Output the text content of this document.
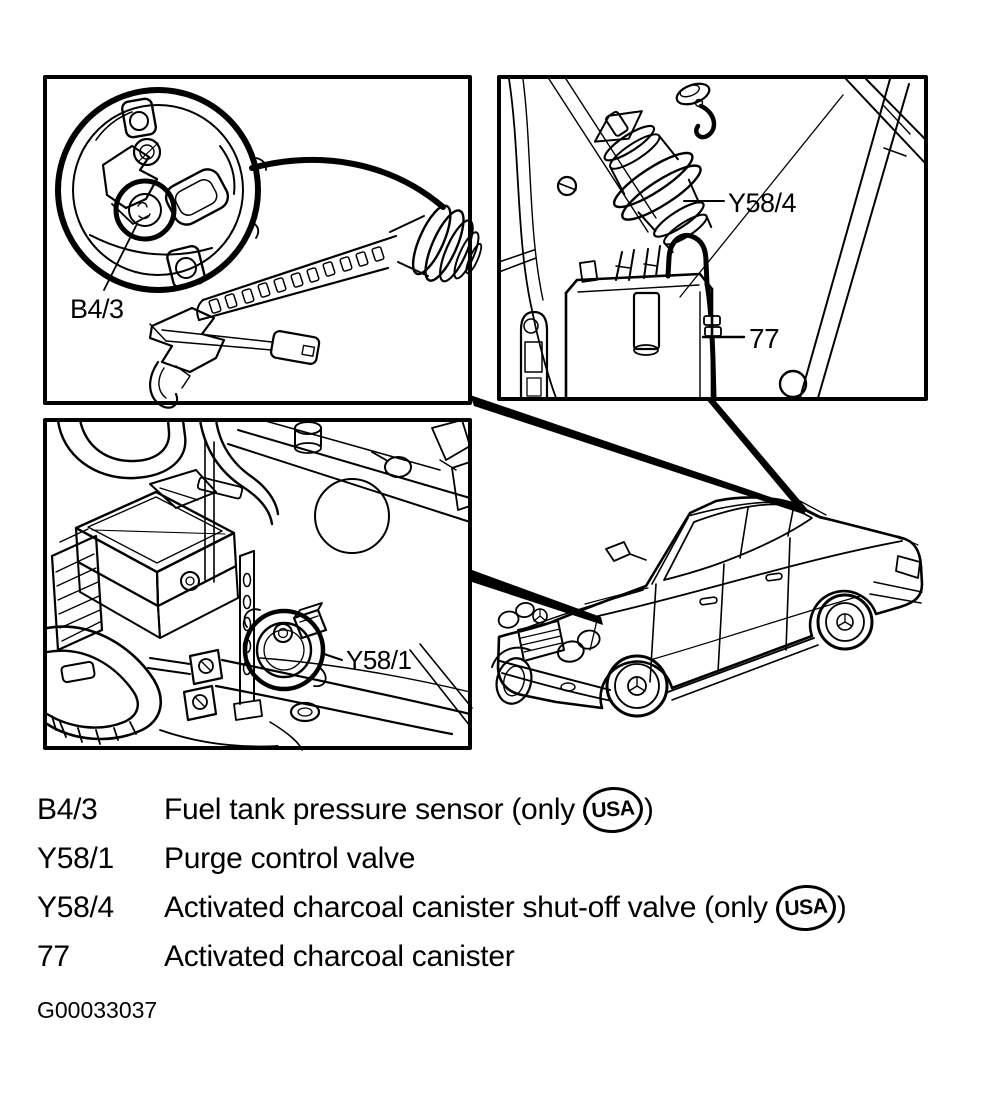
B4/3
Y58/4
77
Y58/1
B4/3	Fuel tank pressure sensor (only USA )
Y58/1	Purge control valve
Y58/4	Activated charcoal canister shut-off valve (only USA )
77	Activated charcoal canister
G00033037
